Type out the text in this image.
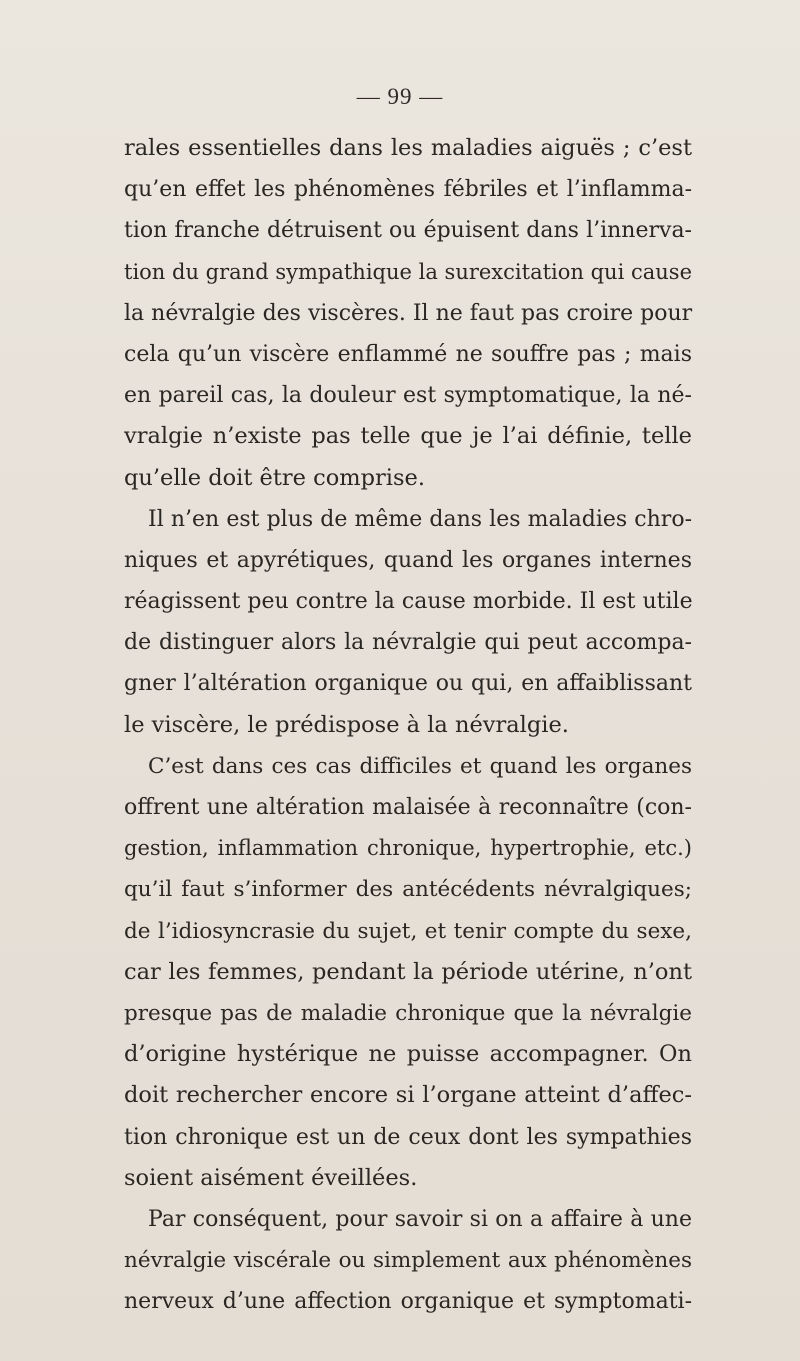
— 99 —
rales essentielles dans les maladies aiguës ; c’est
qu’en effet les phénomènes fébriles et l’inflamma-
tion franche détruisent ou épuisent dans l’innerva-
tion du grand sympathique la surexcitation qui cause
la névralgie des viscères. Il ne faut pas croire pour
cela qu’un viscère enflammé ne souffre pas ; mais
en pareil cas, la douleur est symptomatique, la né-
vralgie n’existe pas telle que je l’ai définie, telle
qu’elle doit être comprise.
Il n’en est plus de même dans les maladies chro-
niques et apyrétiques, quand les organes internes
réagissent peu contre la cause morbide. Il est utile
de distinguer alors la névralgie qui peut accompa-
gner l’altération organique ou qui, en affaiblissant
le viscère, le prédispose à la névralgie.
C’est dans ces cas difficiles et quand les organes
offrent une altération malaisée à reconnaître (con-
gestion, inflammation chronique, hypertrophie, etc.)
qu’il faut s’informer des antécédents névralgiques;
de l’idiosyncrasie du sujet, et tenir compte du sexe,
car les femmes, pendant la période utérine, n’ont
presque pas de maladie chronique que la névralgie
d’origine hystérique ne puisse accompagner. On
doit rechercher encore si l’organe atteint d’affec-
tion chronique est un de ceux dont les sympathies
soient aisément éveillées.
Par conséquent, pour savoir si on a affaire à une
névralgie viscérale ou simplement aux phénomènes
nerveux d’une affection organique et symptomati-
